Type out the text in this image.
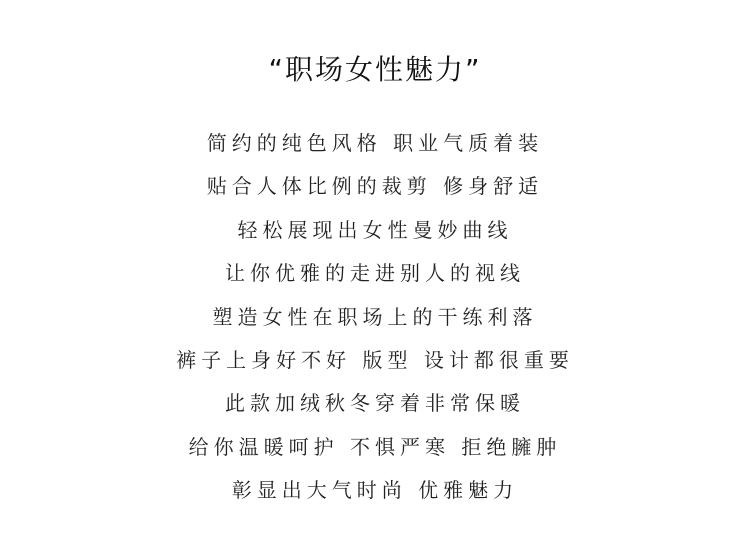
“职场女性魅力”
简约的纯色风格 职业气质着装
贴合人体比例的裁剪 修身舒适
轻松展现出女性曼妙曲线
让你优雅的走进别人的视线
塑造女性在职场上的干练利落
裤子上身好不好 版型 设计都很重要
此款加绒秋冬穿着非常保暖
给你温暖呵护 不惧严寒 拒绝臃肿
彰显出大气时尚 优雅魅力
